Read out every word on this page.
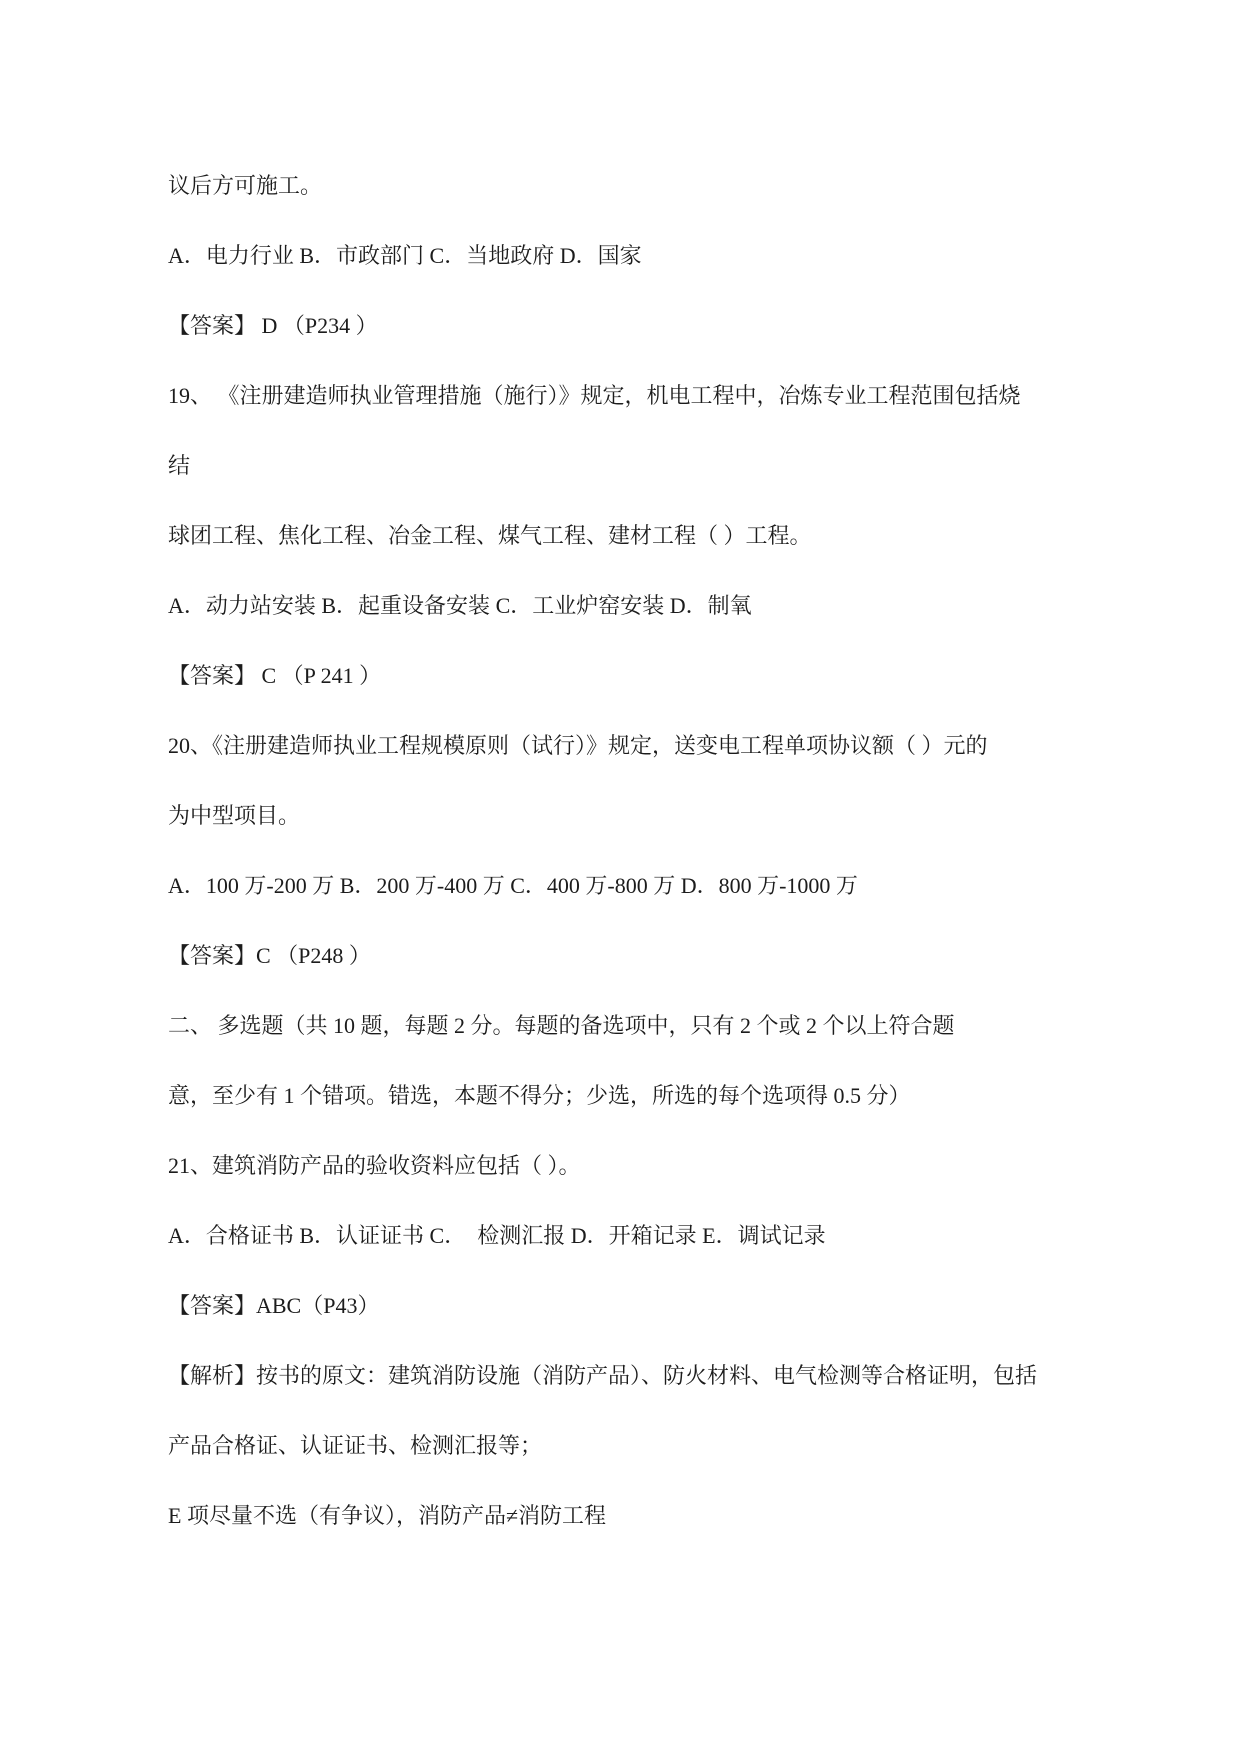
议后方可施工。

A．电力行业 B．市政部门 C．当地政府 D．国家

【答案】 D （P234 ）

19、 《注册建造师执业管理措施（施行）》规定，机电工程中，冶炼专业工程范围包括烧

结

球团工程、焦化工程、冶金工程、煤气工程、建材工程（ ）工程。

A．动力站安装 B．起重设备安装 C．工业炉窑安装 D．制氧

【答案】 C （P 241 ）

20、《注册建造师执业工程规模原则（试行）》规定，送变电工程单项协议额（ ）元的

为中型项目。

A．100 万-200 万 B．200 万-400 万 C．400 万-800 万 D．800 万-1000 万

【答案】C （P248 ）

二、 多选题（共 10 题，每题 2 分。每题的备选项中，只有 2 个或 2 个以上符合题

意，至少有 1 个错项。错选，本题不得分；少选，所选的每个选项得 0.5 分）

21、建筑消防产品的验收资料应包括（ ）。

A．合格证书 B．认证证书 C．  检测汇报 D．开箱记录 E．调试记录

【答案】ABC（P43）

【解析】按书的原文：建筑消防设施（消防产品）、防火材料、电气检测等合格证明，包括

产品合格证、认证证书、检测汇报等；

E 项尽量不选（有争议），消防产品≠消防工程
